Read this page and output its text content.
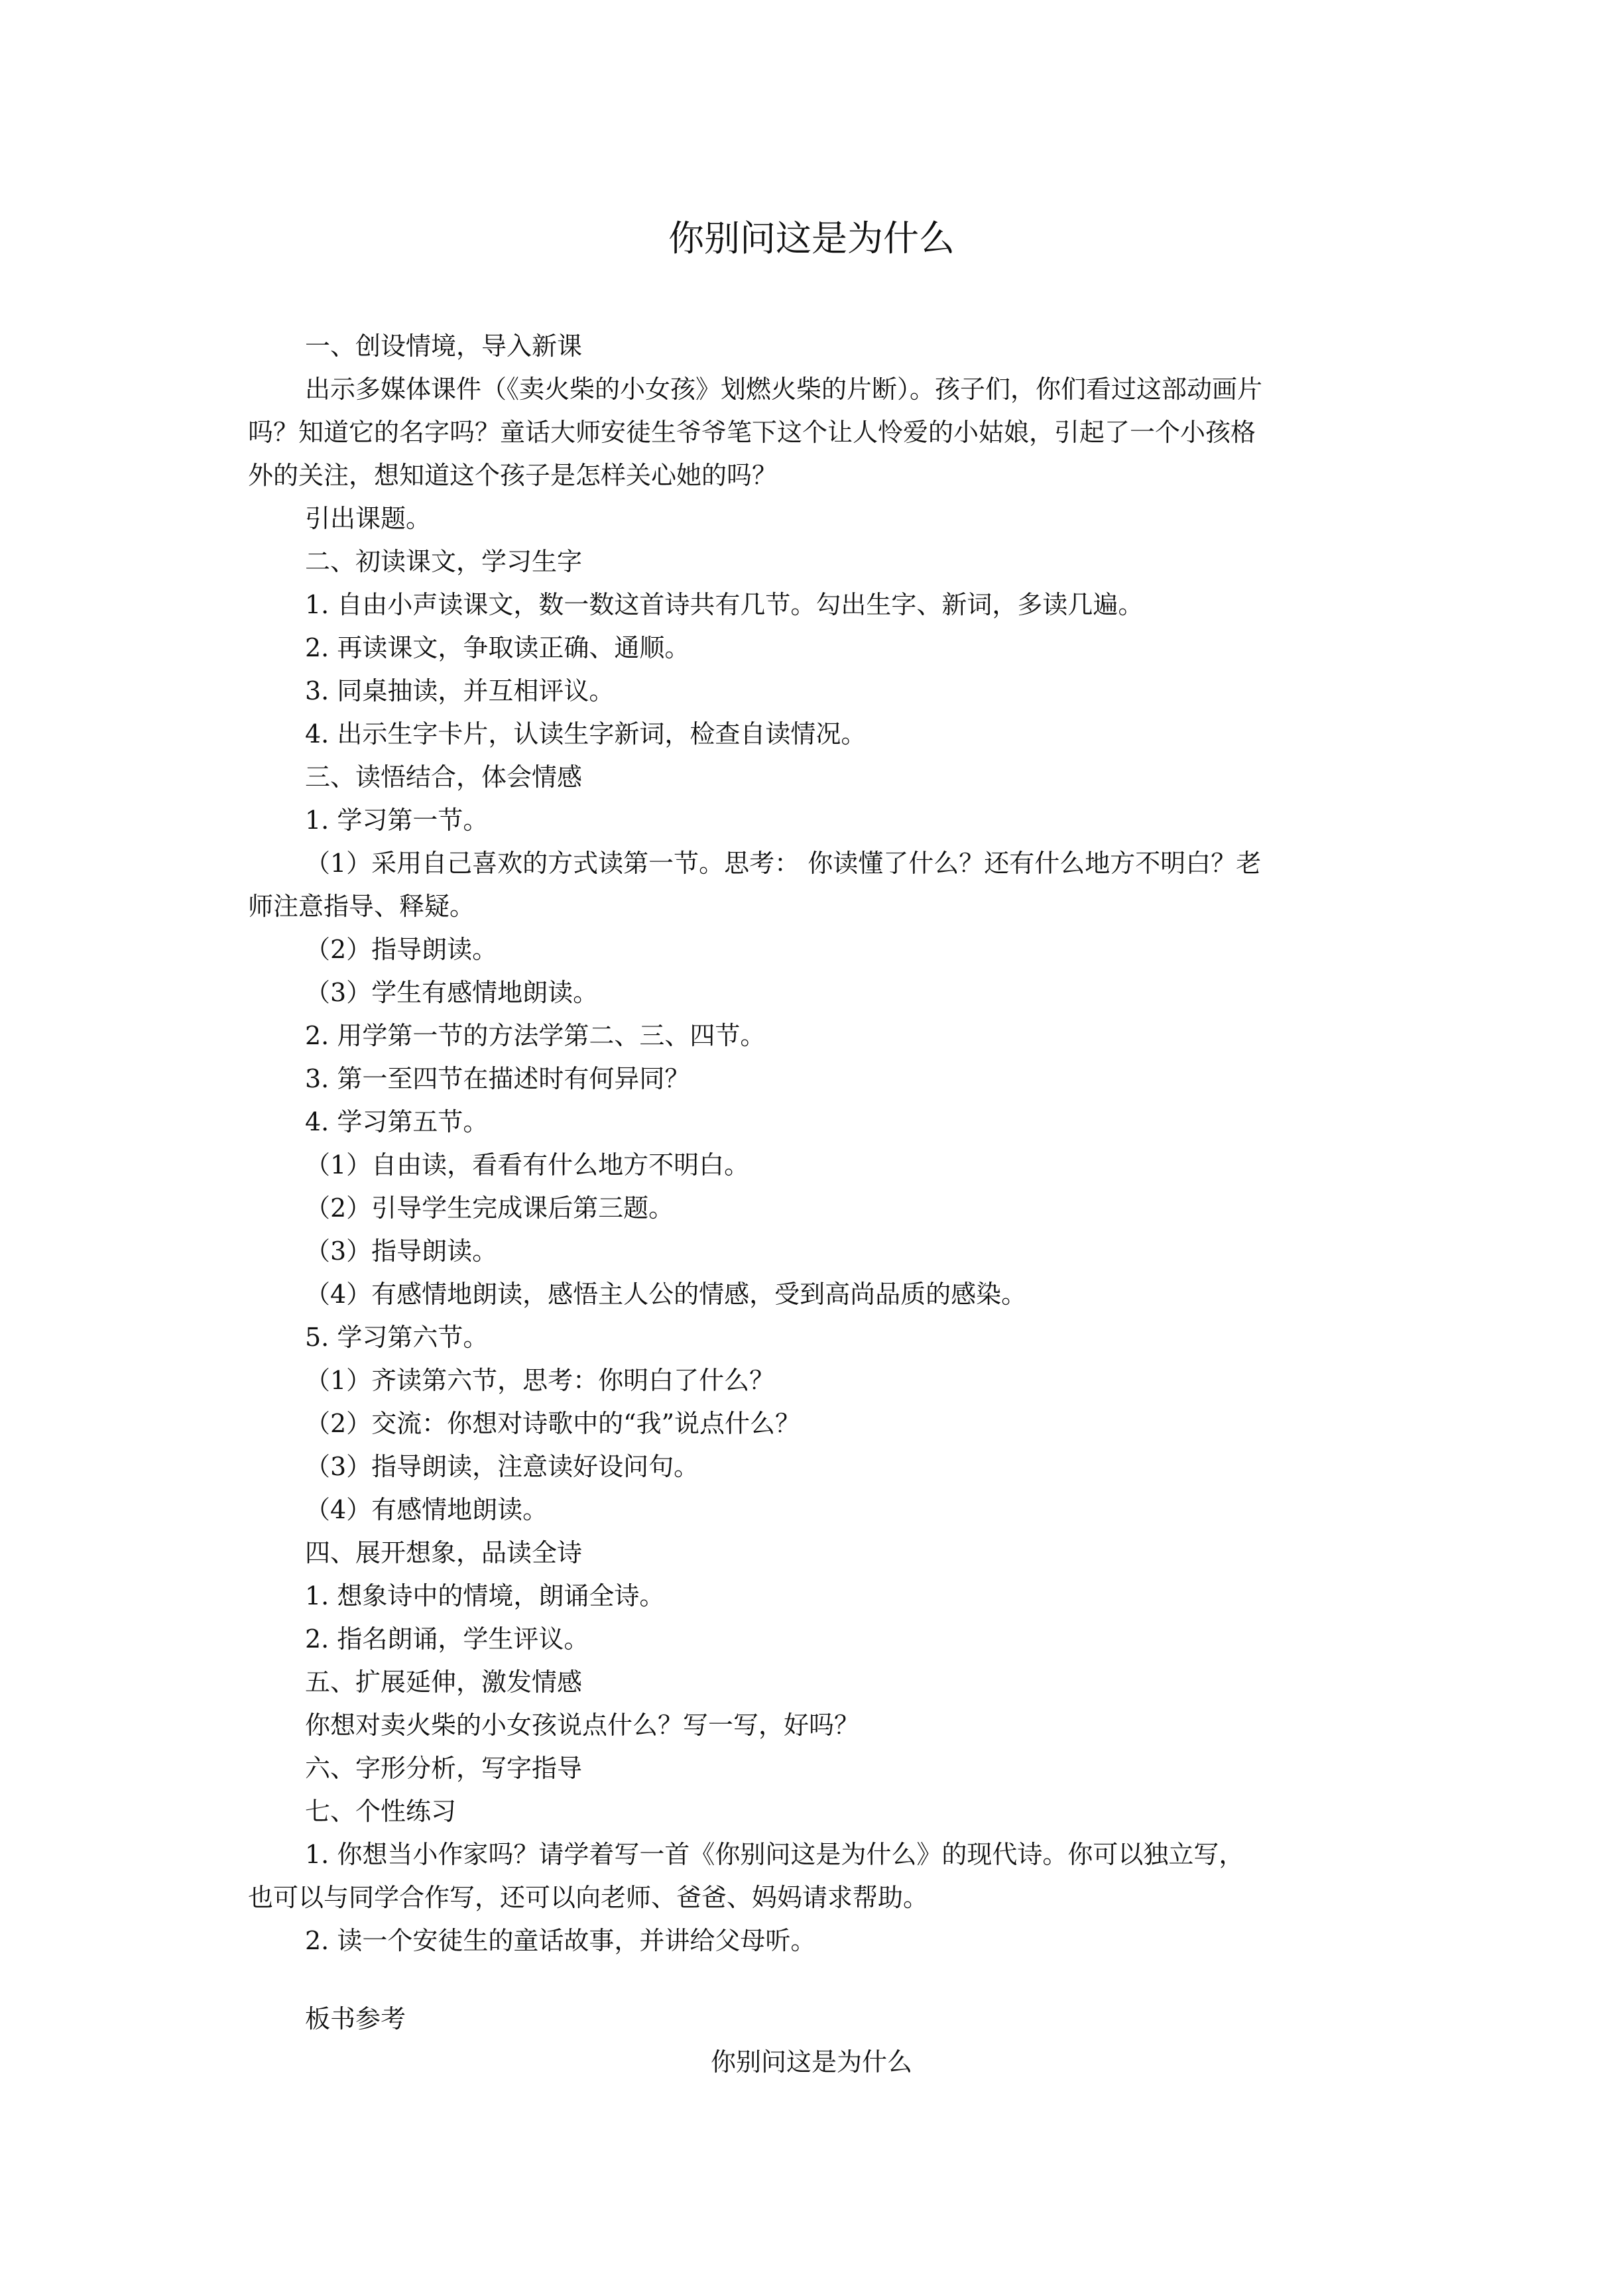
你别问这是为什么
一、创设情境，导入新课
出示多媒体课件（《卖火柴的小女孩》划燃火柴的片断）。孩子们，你们看过这部动画片
吗？知道它的名字吗？童话大师安徒生爷爷笔下这个让人怜爱的小姑娘，引起了一个小孩格
外的关注，想知道这个孩子是怎样关心她的吗？
引出课题。
二、初读课文，学习生字
1. 自由小声读课文，数一数这首诗共有几节。勾出生字、新词，多读几遍。
2. 再读课文，争取读正确、通顺。
3. 同桌抽读，并互相评议。
4. 出示生字卡片，认读生字新词，检查自读情况。
三、读悟结合，体会情感
1. 学习第一节。
（1）采用自己喜欢的方式读第一节。思考： 你读懂了什么？还有什么地方不明白？老
师注意指导、释疑。
（2）指导朗读。
（3）学生有感情地朗读。
2. 用学第一节的方法学第二、三、四节。
3. 第一至四节在描述时有何异同？
4. 学习第五节。
（1）自由读，看看有什么地方不明白。
（2）引导学生完成课后第三题。
（3）指导朗读。
（4）有感情地朗读，感悟主人公的情感，受到高尚品质的感染。
5. 学习第六节。
（1）齐读第六节，思考：你明白了什么？
（2）交流：你想对诗歌中的“我”说点什么？
（3）指导朗读，注意读好设问句。
（4）有感情地朗读。
四、展开想象，品读全诗
1. 想象诗中的情境，朗诵全诗。
2. 指名朗诵，学生评议。
五、扩展延伸，激发情感
你想对卖火柴的小女孩说点什么？写一写，好吗？
六、字形分析，写字指导
七、个性练习
1. 你想当小作家吗？请学着写一首《你别问这是为什么》的现代诗。你可以独立写，
也可以与同学合作写，还可以向老师、爸爸、妈妈请求帮助。
2. 读一个安徒生的童话故事，并讲给父母听。
板书参考
你别问这是为什么
